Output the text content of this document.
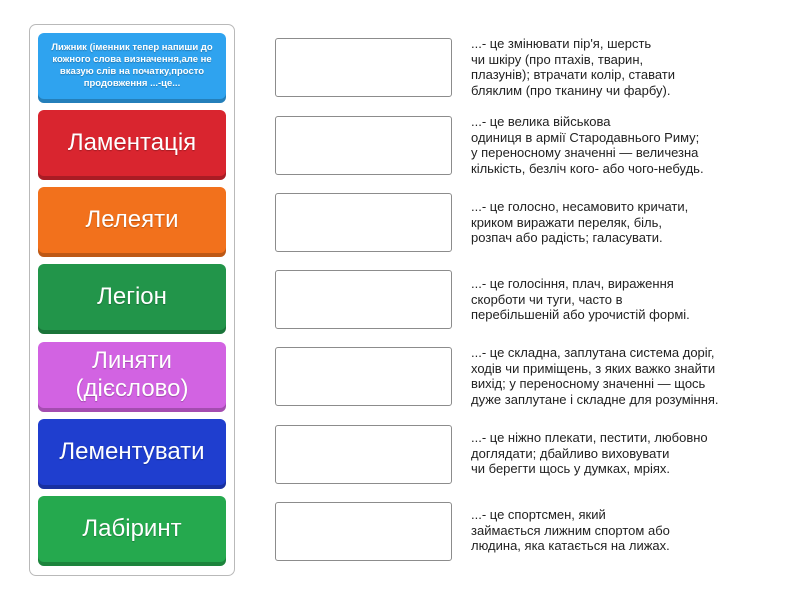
Лижник (іменник тепер напиши до кожного слова визначення,але не вказую слів на початку,просто продовження ...-це...
Ламентація
Лелеяти
Легіон
Линяти (дієслово)
Лементувати
Лабіринт
...- це змінювати пір'я, шерсть
чи шкіру (про птахів, тварин,
плазунів); втрачати колір, ставати
бляклим (про тканину чи фарбу).
...- це велика військова
одиниця в армії Стародавнього Риму;
у переносному значенні — величезна
кількість, безліч кого- або чого-небудь.
...- це голосно, несамовито кричати,
криком виражати переляк, біль,
розпач або радість; галасувати.
...- це голосіння, плач, вираження
скорботи чи туги, часто в
перебільшеній або урочистій формі.
...- це складна, заплутана система доріг,
ходів чи приміщень, з яких важко знайти
вихід; у переносному значенні — щось
дуже заплутане і складне для розуміння.
...- це ніжно плекати, пестити, любовно
доглядати; дбайливо виховувати
чи берегти щось у думках, мріях.
...- це спортсмен, який
займається лижним спортом або
людина, яка катається на лижах.
